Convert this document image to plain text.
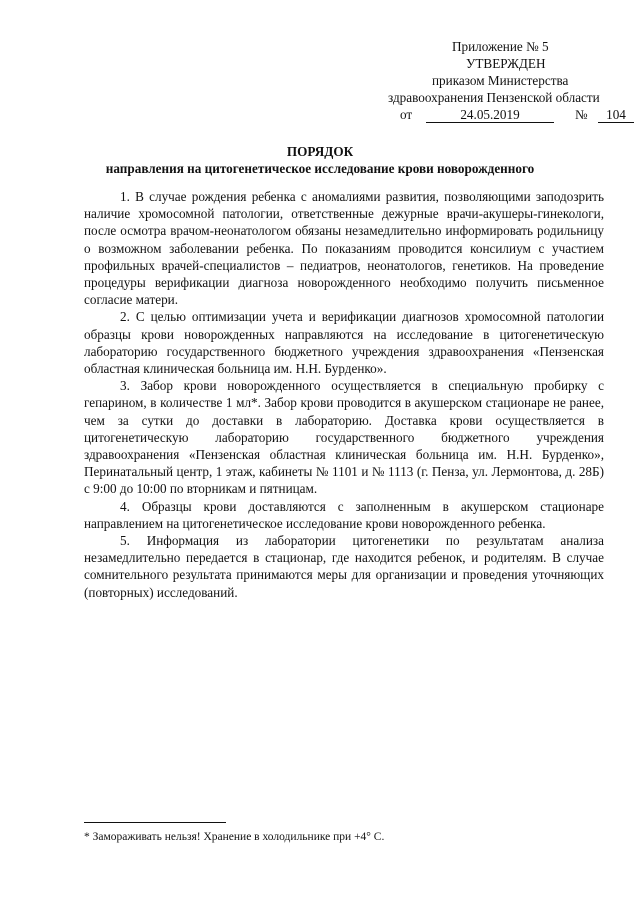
Приложение № 5
УТВЕРЖДЕН
приказом Министерства
здравоохранения Пензенской области
от	24.05.2019	№	104
ПОРЯДОК
направления на цитогенетическое исследование крови новорожденного

1. В случае рождения ребенка с аномалиями развития, позволяющими заподозрить наличие хромосомной патологии, ответственные дежурные врачи-акушеры-гинекологи, после осмотра врачом-неонатологом обязаны незамедлительно информировать родильницу о возможном заболевании ребенка. По показаниям проводится консилиум с участием профильных врачей-специалистов – педиатров, неонатологов, генетиков. На проведение процедуры верификации диагноза новорожденного необходимо получить письменное согласие матери.

2. С целью оптимизации учета и верификации диагнозов хромосомной патологии образцы крови новорожденных направляются на исследование в цитогенетическую лабораторию государственного бюджетного учреждения здравоохранения «Пензенская областная клиническая больница им. Н.Н. Бурденко».

3. Забор крови новорожденного осуществляется в специальную пробирку с гепарином, в количестве 1 мл*. Забор крови проводится в акушерском стационаре не ранее, чем за сутки до доставки в лабораторию. Доставка крови осуществляется в цитогенетическую лабораторию государственного бюджетного учреждения здравоохранения «Пензенская областная клиническая больница им. Н.Н. Бурденко», Перинатальный центр, 1 этаж, кабинеты № 1101 и № 1113 (г. Пенза, ул. Лермонтова, д. 28Б) с 9:00 до 10:00 по вторникам и пятницам.

4. Образцы крови доставляются с заполненным в акушерском стационаре направлением на цитогенетическое исследование крови новорожденного ребенка.

5. Информация из лаборатории цитогенетики по результатам анализа незамедлительно передается в стационар, где находится ребенок, и родителям. В случае сомнительного результата принимаются меры для организации и проведения уточняющих (повторных) исследований.

* Замораживать нельзя! Хранение в холодильнике при +4° С.
